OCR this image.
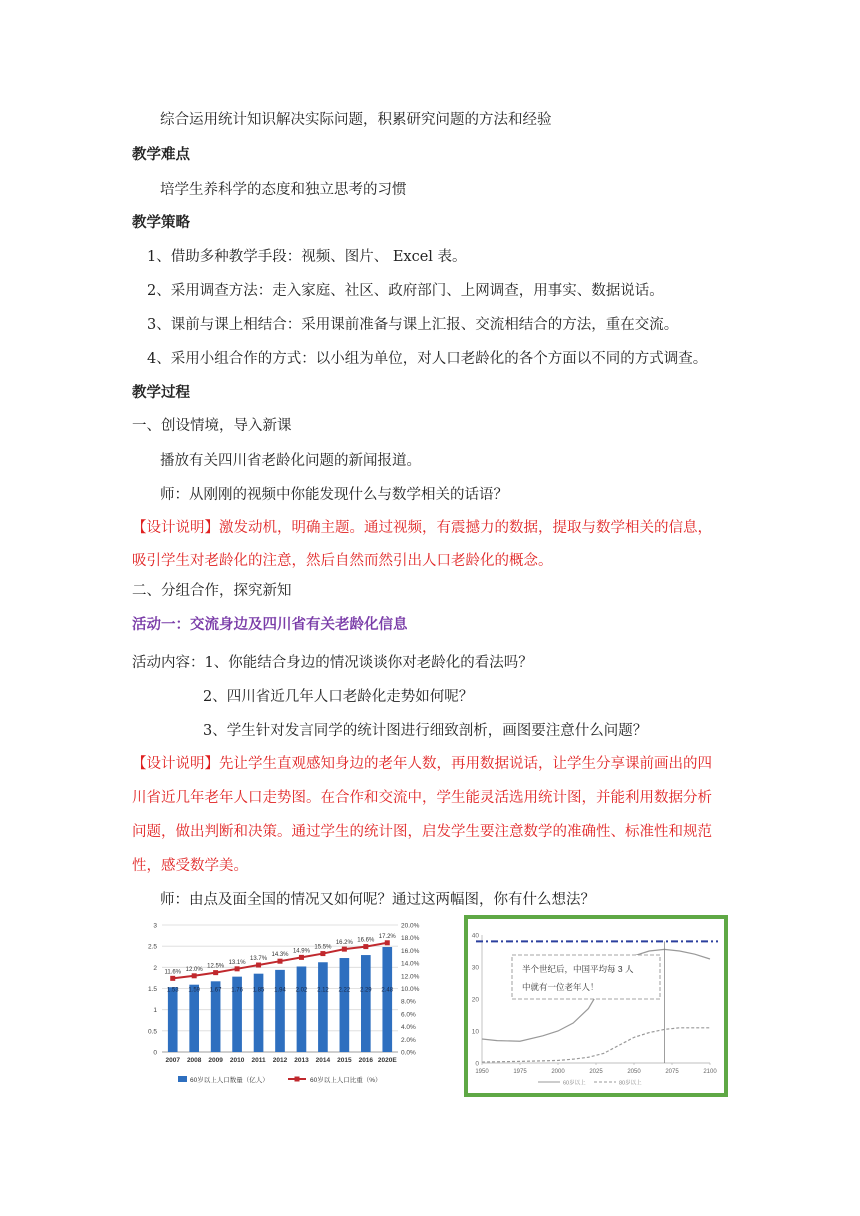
综合运用统计知识解决实际问题，积累研究问题的方法和经验
教学难点
培学生养科学的态度和独立思考的习惯
教学策略
1、借助多种教学手段：视频、图片、 Excel 表。
2、采用调查方法：走入家庭、社区、政府部门、上网调查，用事实、数据说话。
3、课前与课上相结合：采用课前准备与课上汇报、交流相结合的方法，重在交流。
4、采用小组合作的方式：以小组为单位，对人口老龄化的各个方面以不同的方式调查。
教学过程
一、创设情境，导入新课
播放有关四川省老龄化问题的新闻报道。
师：从刚刚的视频中你能发现什么与数学相关的话语？
【设计说明】激发动机，明确主题。通过视频，有震撼力的数据，提取与数学相关的信息，
吸引学生对老龄化的注意，然后自然而然引出人口老龄化的概念。
二、分组合作，探究新知
活动一：交流身边及四川省有关老龄化信息
活动内容：1、你能结合身边的情况谈谈你对老龄化的看法吗？
2、四川省近几年人口老龄化走势如何呢？
3、学生针对发言同学的统计图进行细致剖析，画图要注意什么问题？
【设计说明】先让学生直观感知身边的老年人数，再用数据说话，让学生分享课前画出的四
川省近几年老年人口走势图。在合作和交流中，学生能灵活选用统计图，并能利用数据分析
问题，做出判断和决策。通过学生的统计图，启发学生要注意数学的准确性、标准性和规范
性，感受数学美。
师：由点及面全国的情况又如何呢？通过这两幅图，你有什么想法？
0
0.5
1
1.5
2
2.5
3
0.0%
2.0%
4.0%
6.0%
8.0%
10.0%
12.0%
14.0%
16.0%
18.0%
20.0%
1.53
2007
1.59
2008
1.67
2009
1.76
2010
1.85
2011
1.94
2012
2.02
2013
2.12
2014
2.22
2015
2.29
2016
2.48
2020E
11.6% 12.0%
12.5%
13.1%
13.7%
14.3%
14.9%
15.5%
16.2% 16.6%
17.2%
60岁以上人口数量（亿人）	60岁以上人口比重（%）
0
10
20
30
40
1950	1975	2000	2025	2050	2075	2100
半个世纪后，中国平均每 3 人
中就有一位老年人！
60岁以上	80岁以上
